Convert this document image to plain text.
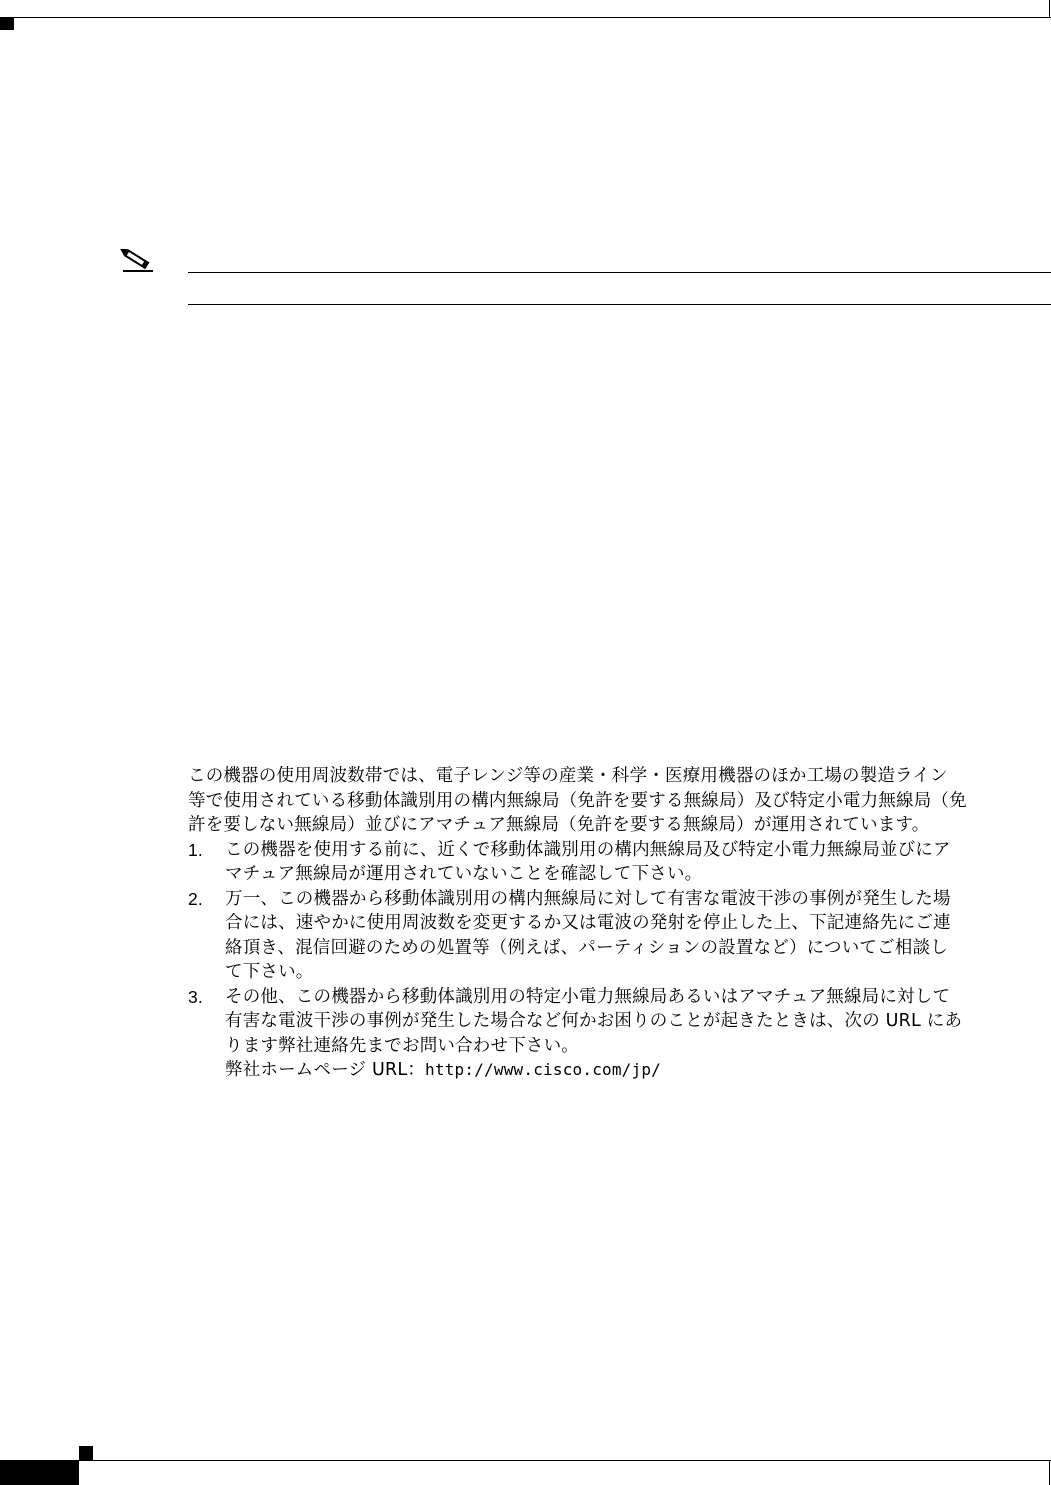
この機器の使用周波数帯では、電子レンジ等の産業・科学・医療用機器のほか工場の製造ライン

等で使用されている移動体識別用の構内無線局（免許を要する無線局）及び特定小電力無線局（免

許を要しない無線局）並びにアマチュア無線局（免許を要する無線局）が運用されています。

1. この機器を使用する前に、近くで移動体識別用の構内無線局及び特定小電力無線局並びにア

マチュア無線局が運用されていないことを確認して下さい。

2. 万一、この機器から移動体識別用の構内無線局に対して有害な電波干渉の事例が発生した場

合には、速やかに使用周波数を変更するか又は電波の発射を停止した上、下記連絡先にご連

絡頂き、混信回避のための処置等（例えば、パーティションの設置など）についてご相談し

て下さい。

3. その他、この機器から移動体識別用の特定小電力無線局あるいはアマチュア無線局に対して

有害な電波干渉の事例が発生した場合など何かお困りのことが起きたときは、次の URL にあ

ります弊社連絡先までお問い合わせ下さい。

弊社ホームページ URL：http://www.cisco.com/jp/
